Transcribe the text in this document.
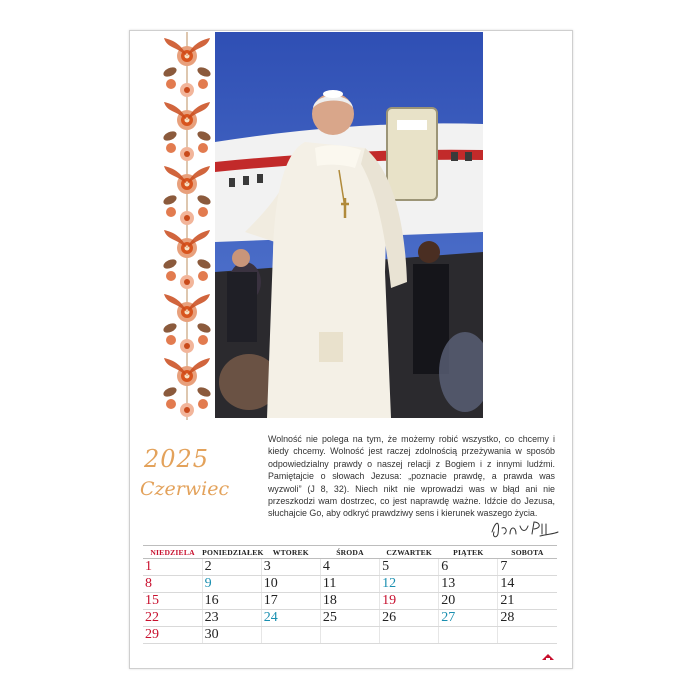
2025
Czerwiec
Wolność nie polega na tym, że możemy robić wszystko, co chcemy i kiedy chcemy. Wolność jest raczej zdolnością przeżywania w sposób odpowiedzialny prawdy o naszej relacji z Bogiem i z innymi ludźmi. Pamiętajcie o słowach Jezusa: „poznacie prawdę, a prawda was wyzwoli” (J 8, 32). Niech nikt nie wprowadzi was w błąd ani nie przeszkodzi wam dostrzec, co jest naprawdę ważne. Idźcie do Jezusa, słuchajcie Go, aby odkryć prawdziwy sens i kierunek waszego życia.
NIEDZIELA	PONIEDZIAŁEK	WTOREK	ŚRODA	CZWARTEK	PIĄTEK	SOBOTA

1	2	3	4	5	6	7

8	9	10	11	12	13	14

15	16	17	18	19	20	21

22	23	24	25	26	27	28

29	30					
